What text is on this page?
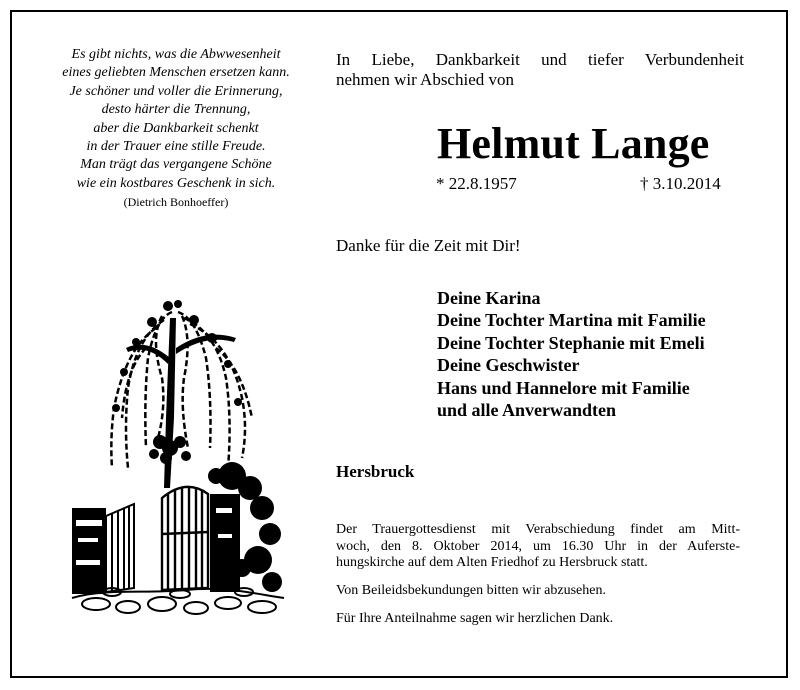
Es gibt nichts, was die Abwwesenheit
eines geliebten Menschen ersetzen kann.
Je schöner und voller die Erinnerung,
desto härter die Trennung,
aber die Dankbarkeit schenkt
in der Trauer eine stille Freude.
Man trägt das vergangene Schöne
wie ein kostbares Geschenk in sich.
(Dietrich Bonhoeffer)
In Liebe, Dankbarkeit und tiefer Verbundenheit
nehmen wir Abschied von
Helmut Lange
* 22.8.1957	† 3.10.2014
Danke für die Zeit mit Dir!
Deine Karina
Deine Tochter Martina mit Familie
Deine Tochter Stephanie mit Emeli
Deine Geschwister
Hans und Hannelore mit Familie
und alle Anverwandten
Hersbruck
Der Trauergottesdienst mit Verabschiedung findet am Mitt-
woch, den 8. Oktober 2014, um 16.30 Uhr in der Auferste-
hungskirche auf dem Alten Friedhof zu Hersbruck statt.
Von Beileidsbekundungen bitten wir abzusehen.
Für Ihre Anteilnahme sagen wir herzlichen Dank.
